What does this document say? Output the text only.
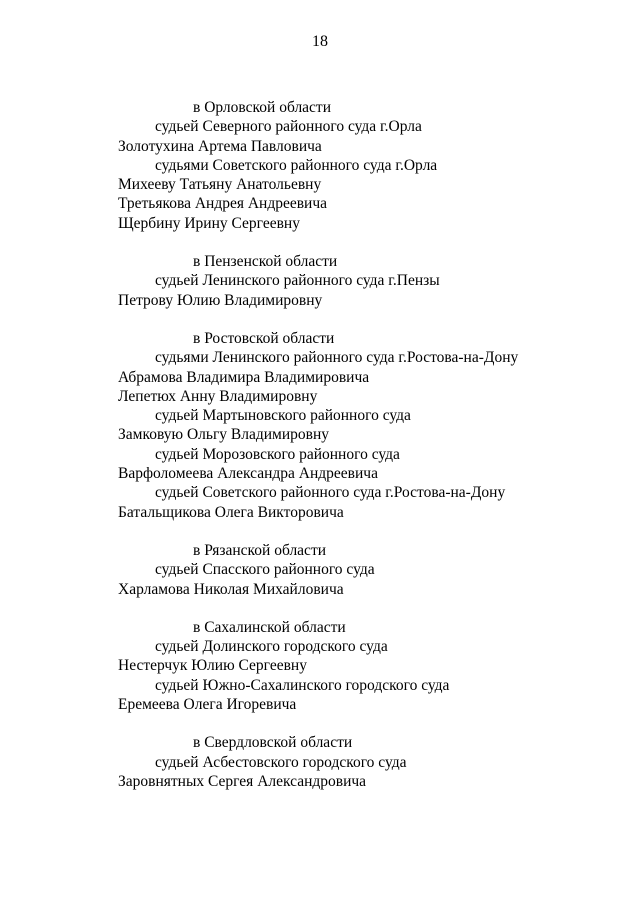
18
в Орловской области
судьей Северного районного суда г.Орла
Золотухина Артема Павловича
судьями Советского районного суда г.Орла
Михееву Татьяну Анатольевну
Третьякова Андрея Андреевича
Щербину Ирину Сергеевну
в Пензенской области
судьей Ленинского районного суда г.Пензы
Петрову Юлию Владимировну
в Ростовской области
судьями Ленинского районного суда г.Ростова-на-Дону
Абрамова Владимира Владимировича
Лепетюх Анну Владимировну
судьей Мартыновского районного суда
Замковую Ольгу Владимировну
судьей Морозовского районного суда
Варфоломеева Александра Андреевича
судьей Советского районного суда г.Ростова-на-Дону
Батальщикова Олега Викторовича
в Рязанской области
судьей Спасского районного суда
Харламова Николая Михайловича
в Сахалинской области
судьей Долинского городского суда
Нестерчук Юлию Сергеевну
судьей Южно-Сахалинского городского суда
Еремеева Олега Игоревича
в Свердловской области
судьей Асбестовского городского суда
Заровнятных Сергея Александровича
